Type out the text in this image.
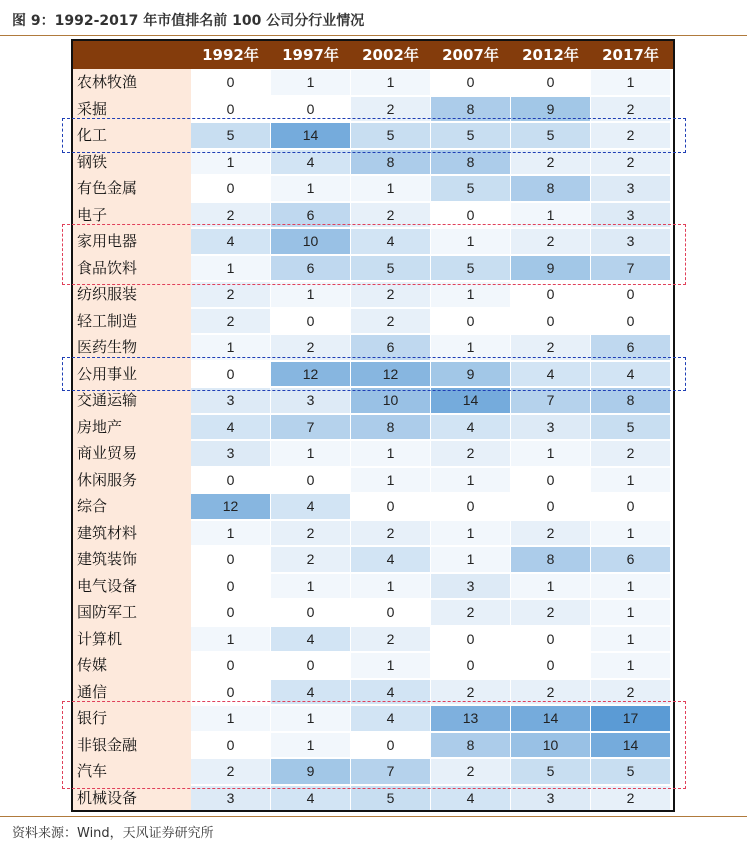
图 9：1992-2017 年市值排名前 100 公司分行业情况
1992年	1997年	2002年	2007年	2012年	2017年
农林牧渔	0	1	1	0	0	1
采掘	0	0	2	8	9	2
化工	5	14	5	5	5	2
钢铁	1	4	8	8	2	2
有色金属	0	1	1	5	8	3
电子	2	6	2	0	1	3
家用电器	4	10	4	1	2	3
食品饮料	1	6	5	5	9	7
纺织服装	2	1	2	1	0	0
轻工制造	2	0	2	0	0	0
医药生物	1	2	6	1	2	6
公用事业	0	12	12	9	4	4
交通运输	3	3	10	14	7	8
房地产	4	7	8	4	3	5
商业贸易	3	1	1	2	1	2
休闲服务	0	0	1	1	0	1
综合	12	4	0	0	0	0
建筑材料	1	2	2	1	2	1
建筑装饰	0	2	4	1	8	6
电气设备	0	1	1	3	1	1
国防军工	0	0	0	2	2	1
计算机	1	4	2	0	0	1
传媒	0	0	1	0	0	1
通信	0	4	4	2	2	2
银行	1	1	4	13	14	17
非银金融	0	1	0	8	10	14
汽车	2	9	7	2	5	5
机械设备	3	4	5	4	3	2
资料来源：Wind，天风证券研究所
